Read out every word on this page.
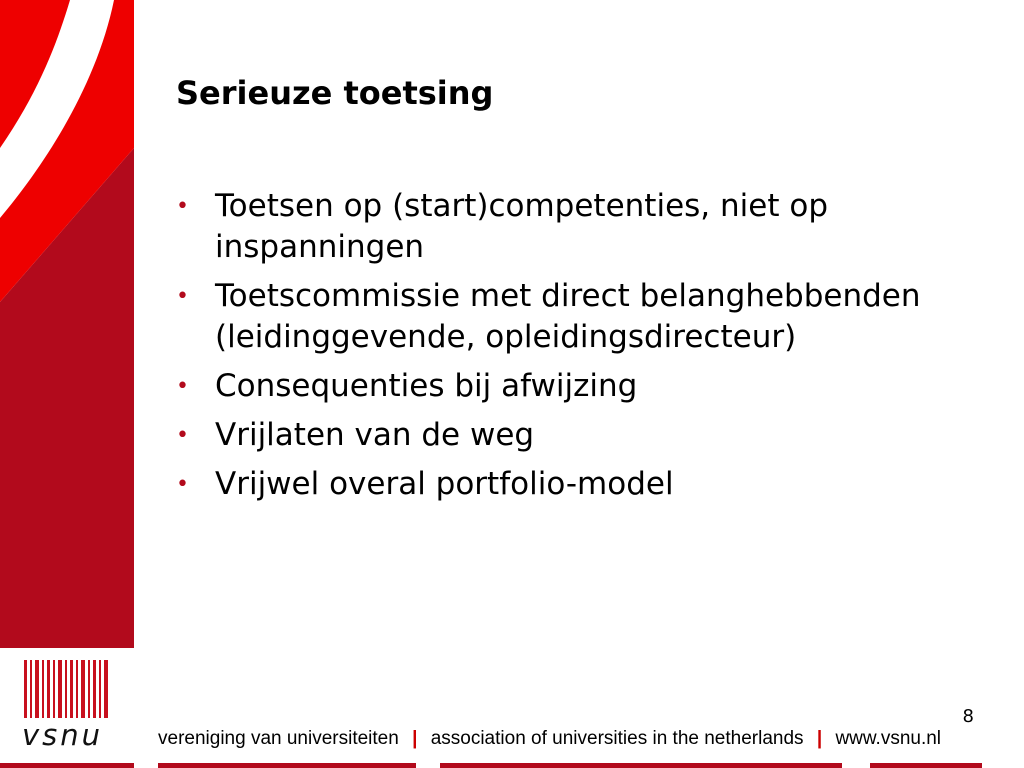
Serieuze toetsing
• Toetsen op (start)competenties, niet op inspanningen
• Toetscommissie met direct belanghebbenden (leidinggevende, opleidingsdirecteur)
• Consequenties bij afwijzing
• Vrijlaten van de weg
• Vrijwel overal portfolio-model
8
vsnu	vereniging van universiteiten | association of universities in the netherlands | www.vsnu.nl
